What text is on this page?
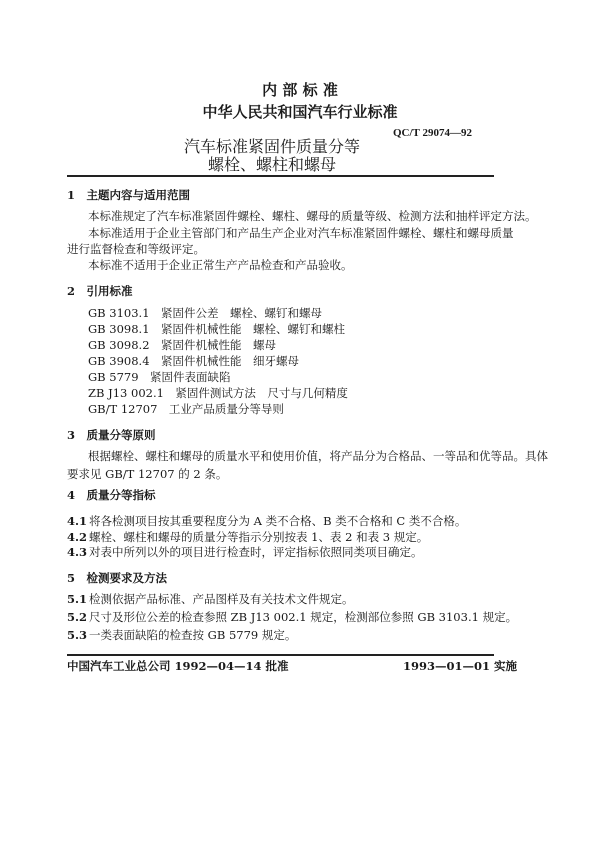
内 部 标 准
中华人民共和国汽车行业标准
QC/T 29074—92
汽车标准紧固件质量分等
螺栓、螺柱和螺母
1　主题内容与适用范围
本标准规定了汽车标准紧固件螺栓、螺柱、螺母的质量等级、检测方法和抽样评定方法。
本标准适用于企业主管部门和产品生产企业对汽车标准紧固件螺栓、螺柱和螺母质量
进行监督检查和等级评定。
本标准不适用于企业正常生产产品检查和产品验收。
2　引用标准
GB 3103.1　紧固件公差　螺栓、螺钉和螺母
GB 3098.1　紧固件机械性能　螺栓、螺钉和螺柱
GB 3098.2　紧固件机械性能　螺母
GB 3908.4　紧固件机械性能　细牙螺母
GB 5779　紧固件表面缺陷
ZB J13 002.1　紧固件测试方法　尺寸与几何精度
GB/T 12707　工业产品质量分等导则
3　质量分等原则
根据螺栓、螺柱和螺母的质量水平和使用价值，将产品分为合格品、一等品和优等品。具体
要求见 GB/T 12707 的 2 条。
4　质量分等指标
4.1 将各检测项目按其重要程度分为 A 类不合格、B 类不合格和 C 类不合格。
4.2 螺栓、螺柱和螺母的质量分等指示分别按表 1、表 2 和表 3 规定。
4.3 对表中所列以外的项目进行检查时，评定指标依照同类项目确定。
5　检测要求及方法
5.1 检测依据产品标准、产品图样及有关技术文件规定。
5.2 尺寸及形位公差的检查参照 ZB J13 002.1 规定，检测部位参照 GB 3103.1 规定。
5.3 一类表面缺陷的检查按 GB 5779 规定。
中国汽车工业总公司 1992—04—14 批准	1993—01—01 实施
